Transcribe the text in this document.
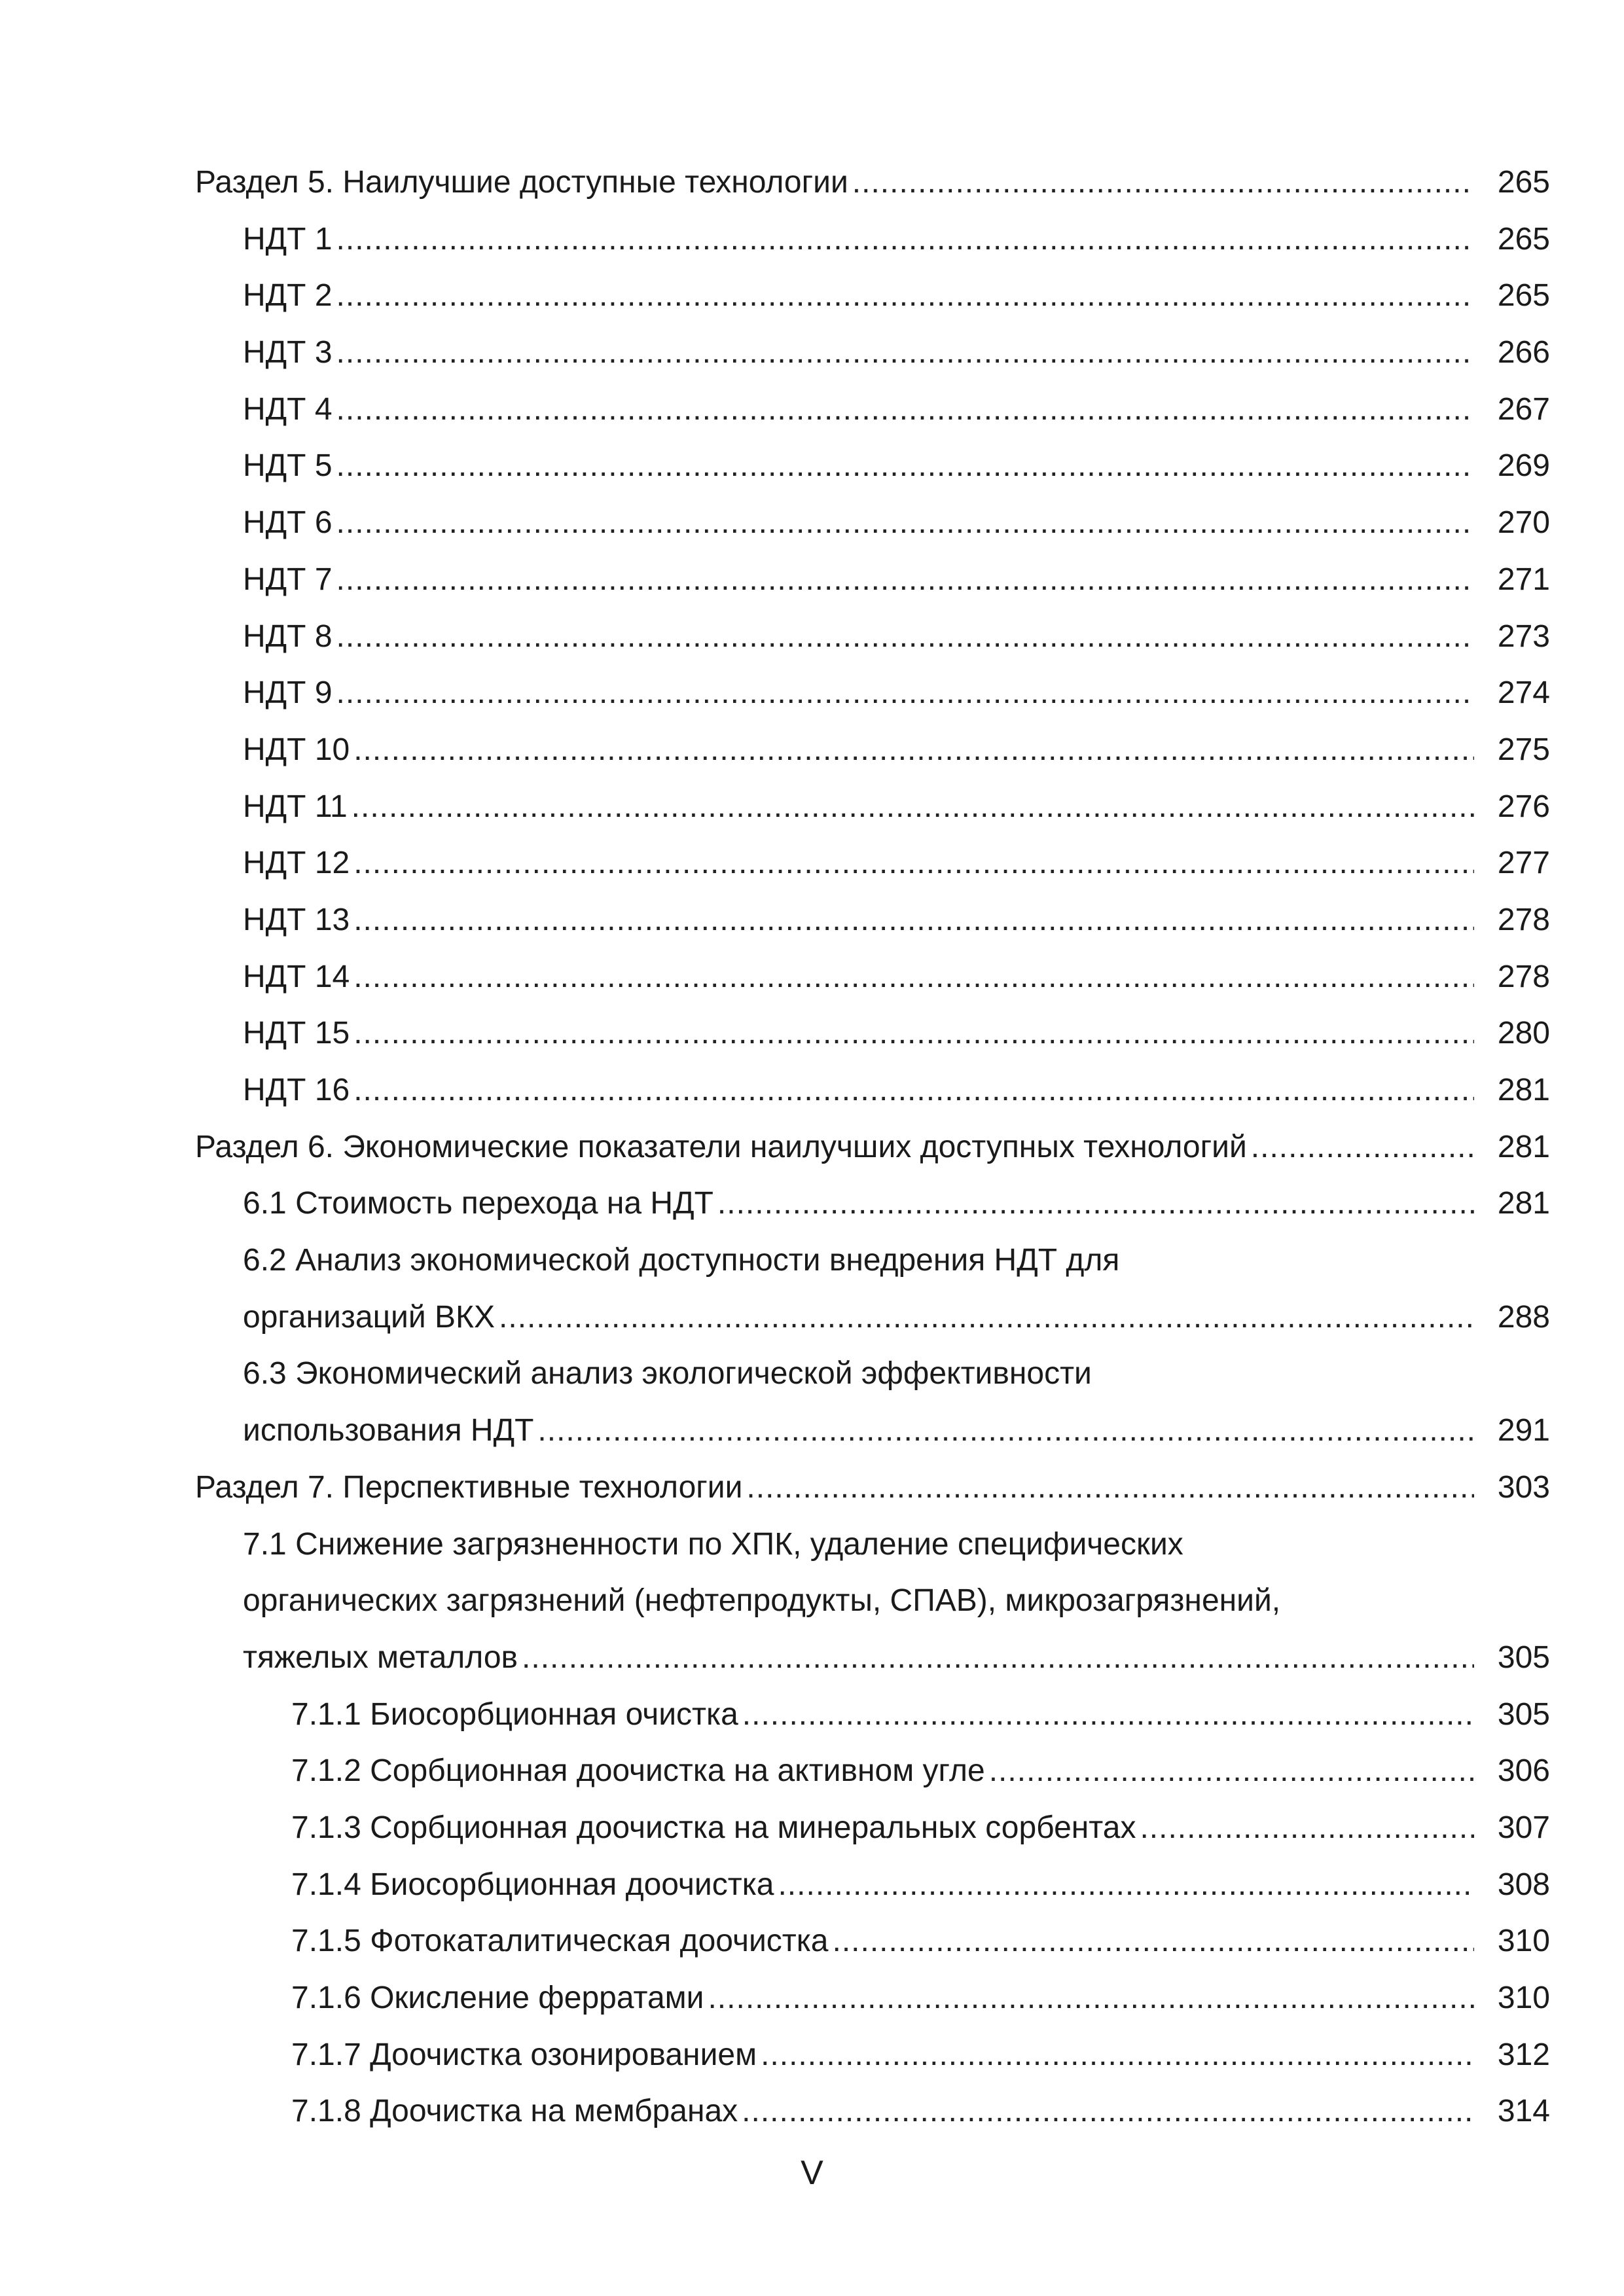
Раздел 5. Наилучшие доступные технологии .....	265
НДТ 1 .....	265
НДТ 2 .....	265
НДТ 3 .....	266
НДТ 4 .....	267
НДТ 5 .....	269
НДТ 6 .....	270
НДТ 7 .....	271
НДТ 8 .....	273
НДТ 9 .....	274
НДТ 10 .....	275
НДТ 11 .....	276
НДТ 12 .....	277
НДТ 13 .....	278
НДТ 14 .....	278
НДТ 15 .....	280
НДТ 16 .....	281
Раздел 6. Экономические показатели наилучших доступных технологий .....	281
6.1 Стоимость перехода на НДТ .....	281
6.2 Анализ экономической доступности внедрения НДТ для
организаций ВКХ .....	288
6.3 Экономический анализ экологической эффективности
использования НДТ .....	291
Раздел 7. Перспективные технологии .....	303
7.1 Снижение загрязненности по ХПК, удаление специфических
органических загрязнений (нефтепродукты, СПАВ), микрозагрязнений,
тяжелых металлов .....	305
7.1.1 Биосорбционная очистка .....	305
7.1.2 Сорбционная доочистка на активном угле .....	306
7.1.3 Сорбционная доочистка на минеральных сорбентах .....	307
7.1.4 Биосорбционная доочистка .....	308
7.1.5 Фотокаталитическая доочистка .....	310
7.1.6 Окисление ферратами .....	310
7.1.7 Доочистка озонированием .....	312
7.1.8 Доочистка на мембранах .....	314
V
